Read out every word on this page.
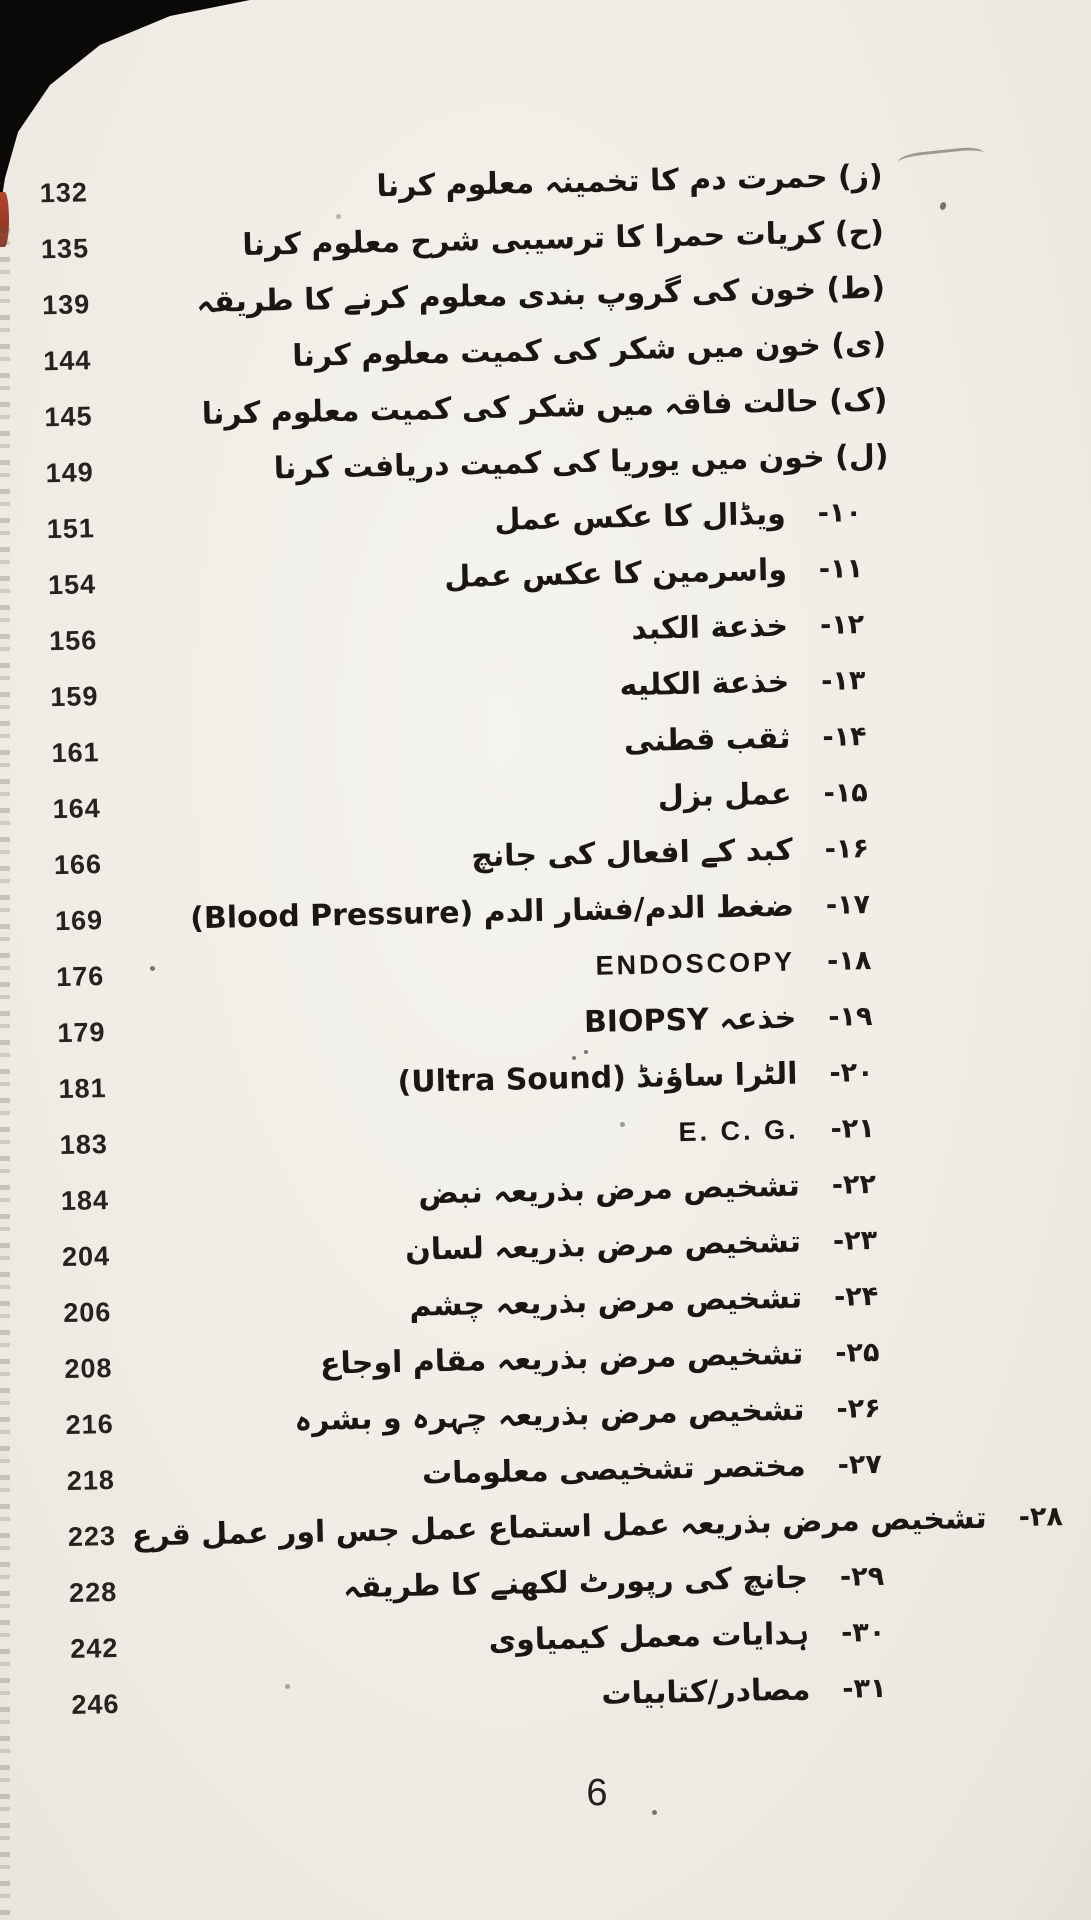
132	(ز) حمرت دم کا تخمینہ معلوم کرنا
135	(ح) کریات حمرا کا ترسیبی شرح معلوم کرنا
139	(ط) خون کی گروپ بندی معلوم کرنے کا طریقہ
144	(ی) خون میں شکر کی کمیت معلوم کرنا
145	(ک) حالت فاقہ میں شکر کی کمیت معلوم کرنا
149	(ل) خون میں یوریا کی کمیت دریافت کرنا
151	ویڈال کا عکس عمل	-۱۰
154	واسرمین کا عکس عمل	-۱۱
156	خذعة الکبد	-۱۲
159	خذعة الکلیه	-۱۳
161	ثقب قطنی	-۱۴
164	عمل بزل	-۱۵
166	کبد کے افعال کی جانچ	-۱۶
169	ضغط الدم/فشار الدم (Blood Pressure)	-۱۷
176	ENDOSCOPY	-۱۸
179	خذعہ BIOPSY	-۱۹
181	الٹرا ساؤنڈ (Ultra Sound)	-۲۰
183	E. C. G.	-۲۱
184	تشخیص مرض بذریعہ نبض	-۲۲
204	تشخیص مرض بذریعہ لسان	-۲۳
206	تشخیص مرض بذریعہ چشم	-۲۴
208	تشخیص مرض بذریعہ مقام اوجاع	-۲۵
216	تشخیص مرض بذریعہ چہرہ و بشرہ	-۲۶
218	مختصر تشخیصی معلومات	-۲۷
223 تشخیص مرض بذریعہ عمل استماع عمل جس اور عمل قرع	-۲۸
228	جانچ کی رپورٹ لکھنے کا طریقہ	-۲۹
242	ہدایات معمل کیمیاوی	-۳۰
246	مصادر/کتابیات	-۳۱
6
